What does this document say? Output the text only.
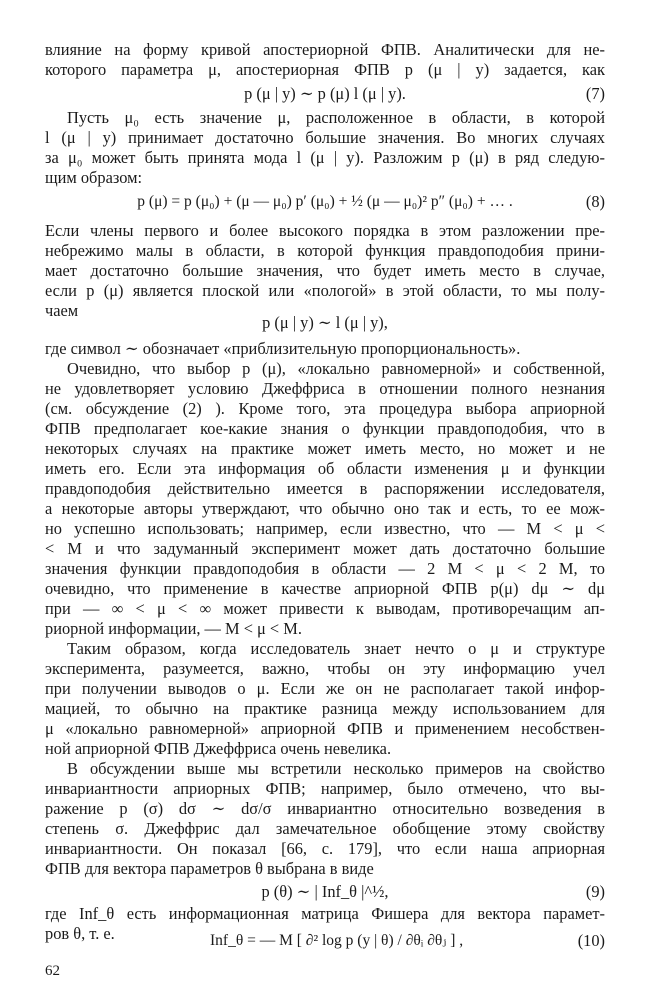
влияние на форму кривой апостериорной ФПВ. Аналитически для не-

которого параметра μ, апостериорная ФПВ p (μ | y) задается, как

p (μ | y) ∼ p (μ) l (μ | y).	(7)

Пусть μ₀ есть значение μ, расположенное в области, в которой

l (μ | y) принимает достаточно большие значения. Во многих случаях

за μ₀ может быть принята мода l (μ | y). Разложим p (μ) в ряд следую-

щим образом:

p (μ) = p (μ₀) + (μ — μ₀) p′ (μ₀) + ½ (μ — μ₀)² p″ (μ₀) + … .	(8)

Если члены первого и более высокого порядка в этом разложении пре-

небрежимо малы в области, в которой функция правдоподобия прини-

мает достаточно большие значения, что будет иметь место в случае,

если p (μ) является плоской или «пологой» в этой области, то мы полу-

чаем

p (μ | y) ∼ l (μ | y),

где символ ∼ обозначает «приблизительную пропорциональность».

Очевидно, что выбор p (μ), «локально равномерной» и собственной,

не удовлетворяет условию Джеффриса в отношении полного незнания

(см. обсуждение (2) ). Кроме того, эта процедура выбора априорной

ФПВ предполагает кое-какие знания о функции правдоподобия, что в

некоторых случаях на практике может иметь место, но может и не

иметь его. Если эта информация об области изменения μ и функции

правдоподобия действительно имеется в распоряжении исследователя,

а некоторые авторы утверждают, что обычно оно так и есть, то ее мож-

но успешно использовать; например, если известно, что — M < μ <

< M и что задуманный эксперимент может дать достаточно большие

значения функции правдоподобия в области — 2 M < μ < 2 M, то

очевидно, что применение в качестве априорной ФПВ p(μ) dμ ∼ dμ

при — ∞ < μ < ∞ может привести к выводам, противоречащим ап-

риорной информации, — M < μ < M.

Таким образом, когда исследователь знает нечто о μ и структуре

эксперимента, разумеется, важно, чтобы он эту информацию учел

при получении выводов о μ. Если же он не располагает такой инфор-

мацией, то обычно на практике разница между использованием для

μ «локально равномерной» априорной ФПВ и применением несобствен-

ной априорной ФПВ Джеффриса очень невелика.

В обсуждении выше мы встретили несколько примеров на свойство

инвариантности априорных ФПВ; например, было отмечено, что вы-

ражение p (σ) dσ ∼ dσ/σ инвариантно относительно возведения в

степень σ. Джеффрис дал замечательное обобщение этому свойству

инвариантности. Он показал [66, с. 179], что если наша априорная

ФПВ для вектора параметров θ выбрана в виде

p (θ) ∼ | Inf_θ |^½,	(9)

где Inf_θ есть информационная матрица Фишера для вектора парамет-

ров θ, т. е.	Inf_θ = — M [ ∂² log p (y | θ) / ∂θᵢ ∂θⱼ ] ,	(10)
62
